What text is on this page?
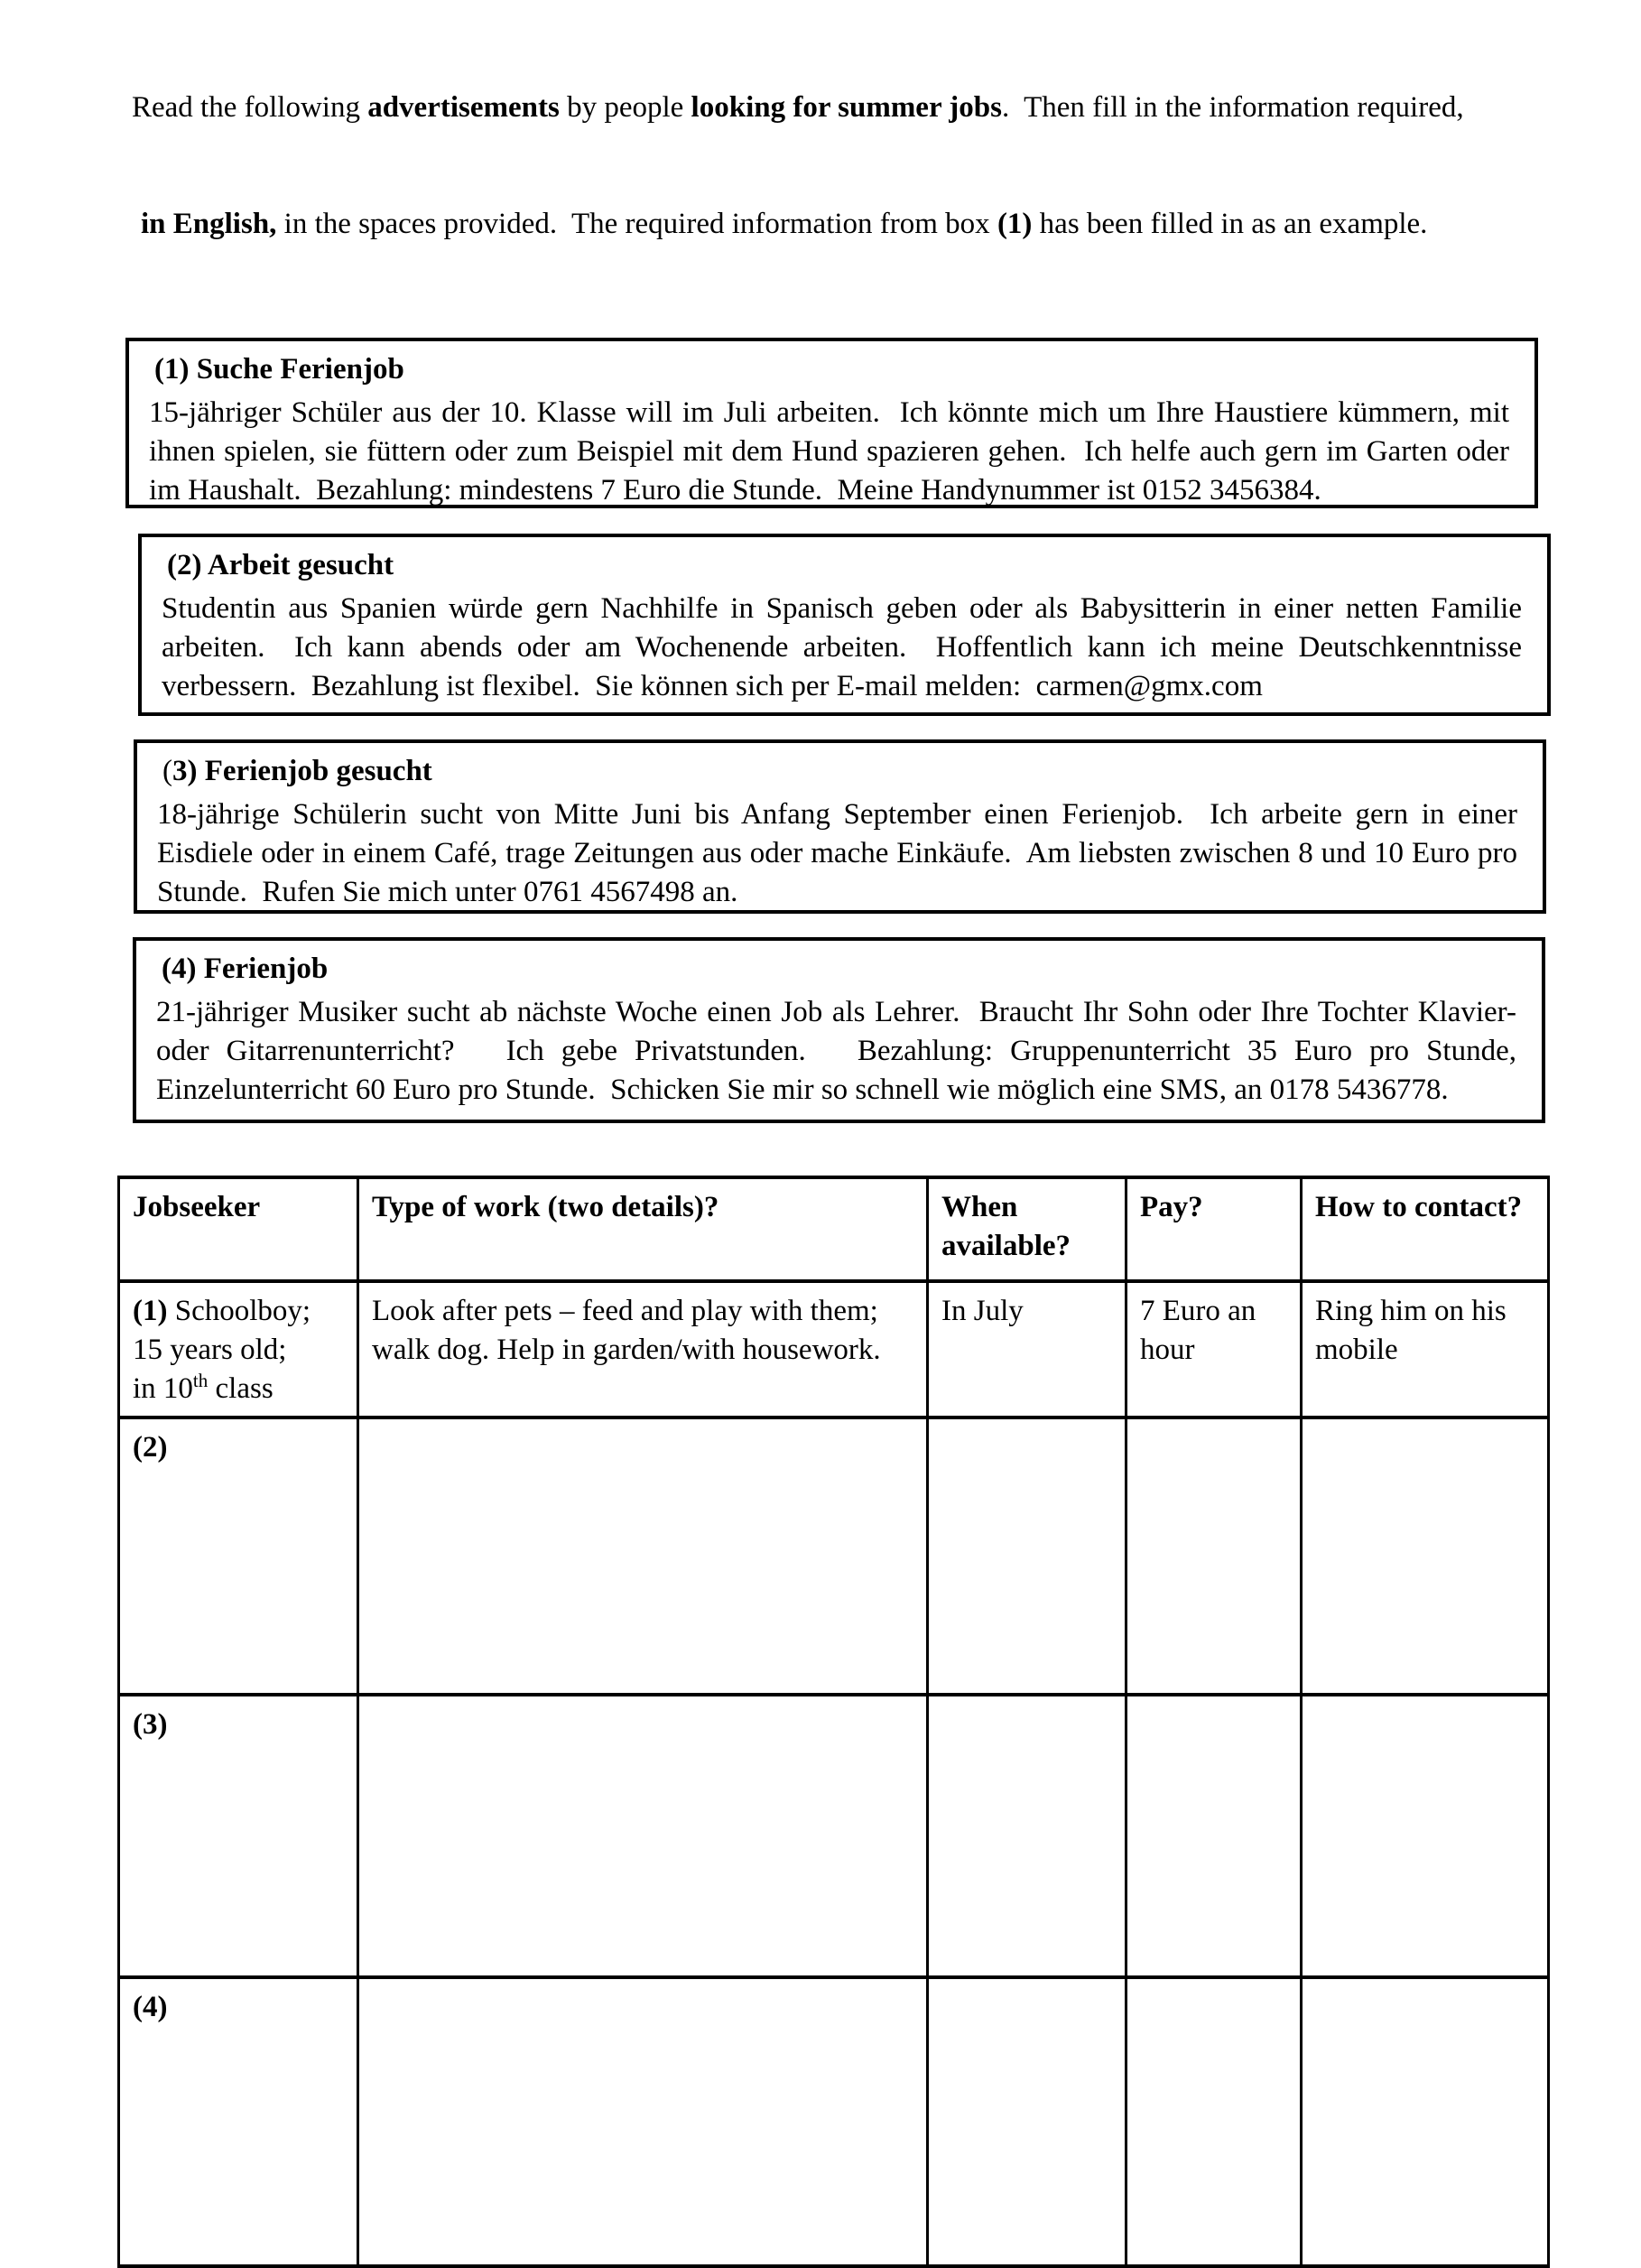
Read the following advertisements by people looking for summer jobs.  Then fill in the information required,

in English, in the spaces provided.  The required information from box (1) has been filled in as an example.

(1) Suche Ferienjob
15-jähriger Schüler aus der 10. Klasse will im Juli arbeiten.  Ich könnte mich um Ihre Haustiere kümmern, mit ihnen spielen, sie füttern oder zum Beispiel mit dem Hund spazieren gehen.  Ich helfe auch gern im Garten oder im Haushalt.  Bezahlung: mindestens 7 Euro die Stunde.  Meine Handynummer ist 0152 3456384.
(2) Arbeit gesucht
Studentin aus Spanien würde gern Nachhilfe in Spanisch geben oder als Babysitterin in einer netten Familie arbeiten.  Ich kann abends oder am Wochenende arbeiten.  Hoffentlich kann ich meine Deutschkenntnisse verbessern.  Bezahlung ist flexibel.  Sie können sich per E-mail melden:  carmen@gmx.com
(3) Ferienjob gesucht
18-jährige Schülerin sucht von Mitte Juni bis Anfang September einen Ferienjob.  Ich arbeite gern in einer Eisdiele oder in einem Café, trage Zeitungen aus oder mache Einkäufe.  Am liebsten zwischen 8 und 10 Euro pro Stunde.  Rufen Sie mich unter 0761 4567498 an.
(4) Ferienjob
21-jähriger Musiker sucht ab nächste Woche einen Job als Lehrer.  Braucht Ihr Sohn oder Ihre Tochter Klavier- oder Gitarrenunterricht?   Ich gebe Privatstunden.   Bezahlung: Gruppenunterricht 35 Euro pro Stunde, Einzelunterricht 60 Euro pro Stunde.  Schicken Sie mir so schnell wie möglich eine SMS, an 0178 5436778.
Jobseeker	Type of work (two details)?	When available?	Pay?	How to contact?

(1) Schoolboy;
15 years old;
in 10th class	Look after pets – feed and play with them; walk dog. Help in garden/with housework.	In July	7 Euro an hour	Ring him on his mobile
(2)				
(3)				
(4)				
